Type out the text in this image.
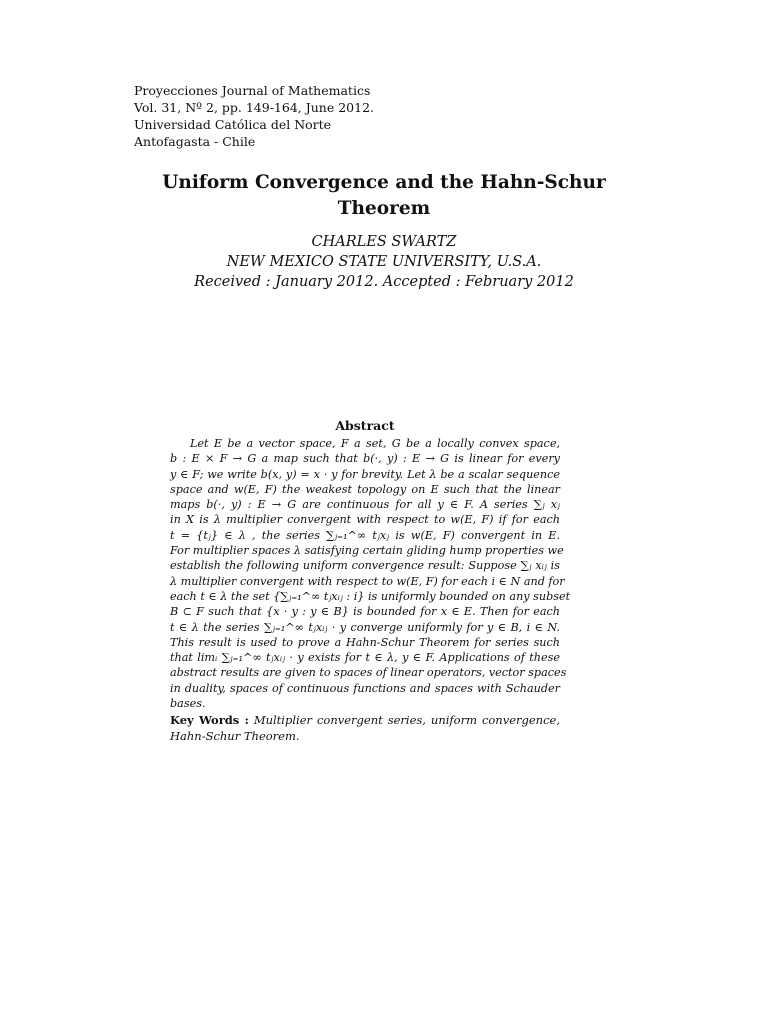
Proyecciones Journal of Mathematics
Vol. 31, Nº 2, pp. 149-164, June 2012.
Universidad Católica del Norte
Antofagasta - Chile
Uniform Convergence and the Hahn-Schur
Theorem
CHARLES SWARTZ
NEW MEXICO STATE UNIVERSITY, U.S.A.
Received : January 2012. Accepted : February 2012
Abstract
Let E be a vector space, F a set, G be a locally convex space,
b : E × F → G a map such that b(·, y) : E → G is linear for every
y ∈ F; we write b(x, y) = x · y for brevity. Let λ be a scalar sequence
space and w(E, F) the weakest topology on E such that the linear
maps b(·, y) : E → G are continuous for all y ∈ F. A series ∑ⱼ xⱼ
in X is λ multiplier convergent with respect to w(E, F) if for each
t = {tⱼ} ∈ λ , the series ∑ⱼ₌₁^∞ tⱼxⱼ is w(E, F) convergent in E.
For multiplier spaces λ satisfying certain gliding hump properties we
establish the following uniform convergence result: Suppose ∑ⱼ xᵢⱼ is
λ multiplier convergent with respect to w(E, F) for each i ∈ N and for
each t ∈ λ the set {∑ⱼ₌₁^∞ tⱼxᵢⱼ : i} is uniformly bounded on any subset
B ⊂ F such that {x · y : y ∈ B} is bounded for x ∈ E. Then for each
t ∈ λ the series ∑ⱼ₌₁^∞ tⱼxᵢⱼ · y converge uniformly for y ∈ B, i ∈ N.
This result is used to prove a Hahn-Schur Theorem for series such
that limᵢ ∑ⱼ₌₁^∞ tⱼxᵢⱼ · y exists for t ∈ λ, y ∈ F. Applications of these
abstract results are given to spaces of linear operators, vector spaces
in duality, spaces of continuous functions and spaces with Schauder
bases.
Key Words : Multiplier convergent series, uniform convergence, Hahn-Schur Theorem.
